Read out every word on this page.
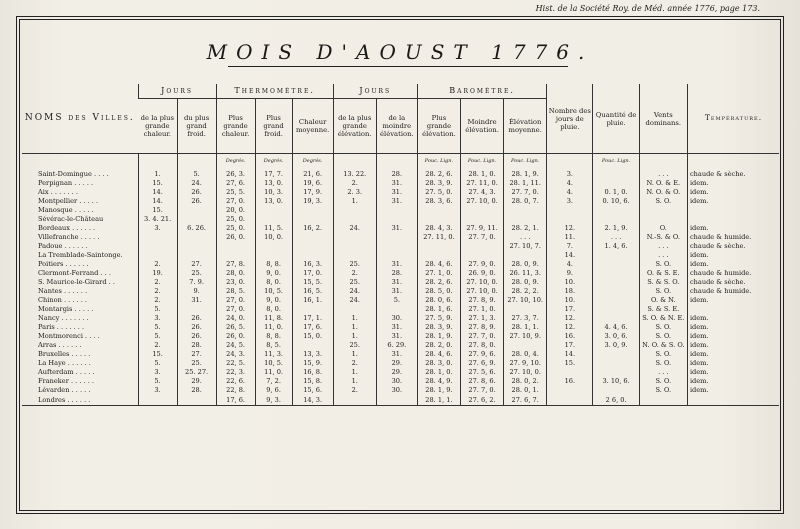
Hist. de la Société Roy. de Méd. année 1776, page 173.
MOIS D'AOUST 1776.
NOMS des Villes.	Jours		Thermomètre.			Jours		Baromètre.			Nombre des jours de pluie.	Quantité de pluie.	Vents dominans.	Température.
	de la plus grande chaleur.	du plus grand froid.	Plus grande chaleur.	Plus grand froid.	Chaleur moyenne.	de la plus grande élévation.	de la moindre élévation.	Plus grande élévation.	Moindre élévation.	Élévation moyenne.				
			Degrés.	Degrés.	Degrés.			Pouc. Lign.	Pouc. Lign.	Pouc. Lign.		Pouc. Lign.		
Saint-Domingue . . . .	1.	5.	26, 3.	17, 7.	21, 6.	13. 22.	28.	28. 2, 6.	28. 1, 0.	28. 1, 9.	3.		. . .	chaude & sèche.
Perpignan . . . . .	15.	24.	27, 6.	13, 0.	19, 6.	2.	31.	28. 3, 9.	27. 11, 0.	28. 1, 11.	4.		N. O. & E.	idem.
Aix . . . . . . .	14.	26.	25, 5.	10, 3.	17, 9.	2. 3.	31.	27. 5, 0.	27. 4, 3.	27. 7, 0.	4.	0. 1, 0.	N. O. & O.	idem.
Montpellier . . . . .	14.	26.	27, 0.	13, 0.	19, 3.	1.	31.	28. 3, 6.	27. 10, 0.	28. 0, 7.	3.	0. 10, 6.	S. O.	idem.
Manosque . . . . .	15.		20, 0.											
Sévérac-le-Château	3. 4. 21.		25, 0.											
Bordeaux . . . . . .	3.	6. 26.	25, 0.	11, 5.	16, 2.	24.	31.	28. 4, 3.	27. 9, 11.	28. 2, 1.	12.	2. 1, 9.	O.	idem.
Villefranche . . . . .			26, 0.	10, 0.				27. 11, 0.	27. 7, 0.	. . .	11.	. . .	N.-S. & O.	chaude & humide.
Padoue . . . . . .										27. 10, 7.	7.	1. 4, 6.	. . .	chaude & sèche.
La Tremblade-Saintonge.											14.		. . .	idem.
Poitiers . . . . . .	2.	27.	27, 8.	8, 8.	16, 3.	25.	31.	28. 4, 6.	27. 9, 0.	28. 0, 9.	4.		S. O.	idem.
Clermont-Ferrand . . .	19.	25.	28, 0.	9, 0.	17, 0.	2.	28.	27. 1, 0.	26. 9, 0.	26. 11, 3.	9.		O. & S. E.	chaude & humide.
S. Maurice-le-Girard . .	2.	7. 9.	23, 0.	8, 0.	15, 5.	25.	31.	28. 2, 6.	27. 10, 0.	28. 0, 9.	10.		S. & S. O.	chaude & sèche.
Nantes . . . . . .	2.	9.	28, 5.	10, 5.	16, 5.	24.	31.	28. 5, 0.	27. 10, 0.	28. 2, 2.	18.		S. O.	chaude & humide.
Chinon . . . . . .	2.	31.	27, 0.	9, 0.	16, 1.	24.	5.	28. 0, 6.	27. 8, 9.	27. 10, 10.	10.		O. & N.	idem.
Montargis . . . . .	5.		27, 0.	8, 0.				28. 1, 6.	27. 1, 0.		17.		S. & S. E.	
Nancy . . . . . . .	3.	26.	24, 0.	11, 8.	17, 1.	1.	30.	27. 5, 9.	27. 1, 3.	27. 3, 7.	12.		S. O. & N. E.	idem.
Paris . . . . . . .	5.	26.	26, 5.	11, 0.	17, 6.	1.	31.	28. 3, 9.	27. 8, 9.	28. 1, 1.	12.	4. 4, 6.	S. O.	idem.
Montmorenci . . . .	5.	26.	26, 0.	8, 8.	15, 0.	1.	31.	28. 1, 9.	27. 7, 0.	27. 10, 9.	16.	3. 0, 6.	S. O.	idem.
Arras . . . . . .	2.	28.	24, 5.	8, 5.		25.	6. 29.	28. 2, 0.	27. 8, 0.		17.	3. 0, 9.	N. O. & S. O.	idem.
Bruxelles . . . . .	15.	27.	24, 3.	11, 3.	13, 3.	1.	31.	28. 4, 6.	27. 9, 6.	28. 0, 4.	14.		S. O.	idem.
La Haye . . . . . .	5.	25.	22, 5.	10, 5.	15, 9.	2.	29.	28. 3, 0.	27. 6, 9.	27. 9, 10.	15.		S. O.	idem.
Aufterdam . . . . .	3.	25. 27.	22, 3.	11, 0.	16, 8.	1.	29.	28. 1, 0.	27. 5, 6.	27. 10, 0.			. . .	idem.
Franeker . . . . . .	5.	29.	22, 6.	7, 2.	15, 8.	1.	30.	28. 4, 9.	27. 8, 6.	28. 0, 2.	16.	3. 10, 6.	S. O.	idem.
Lévarden . . . . .	3.	28.	22, 8.	9, 6.	15, 6.	2.	30.	28. 1, 9.	27. 7, 0.	28. 0, 1.			S. O.	idem.
Londres . . . . . .			17, 6.	9, 3.	14, 3.			28. 1, 1.	27. 6, 2.	27. 6, 7.		2 6, 0.		
